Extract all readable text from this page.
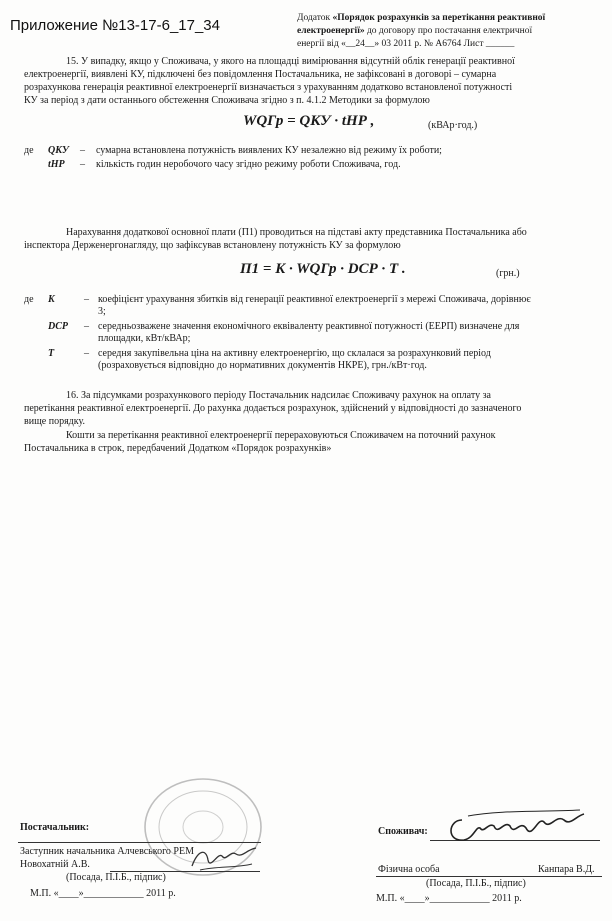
Приложение №13-17-6_17_34	Додаток «Порядок розрахунків за перетікання реактивної
електроенергії» до договору про постачання електричної
енергії від «__24__» 03 2011 р. № А6764 Лист ______
15. У випадку, якщо у Споживача, у якого на площадці вимірювання відсутній облік генерації реактивної
електроенергії, виявлені КУ, підключені без повідомлення Постачальника, не зафіксовані в договорі – сумарна
розрахункова генерація реактивної електроенергії визначається з урахуванням додатково встановленої потужності
КУ за період з дати останнього обстеження Споживача згідно з п. 4.1.2 Методики за формулою
WQГр = QКУ · tНР ,	(кВАр·год.)
де QКУ – сумарна встановлена потужність виявлених КУ незалежно від режиму їх роботи;
tНР – кількість годин неробочого часу згідно режиму роботи Споживача, год.
Нарахування додаткової основної плати (П1) проводиться на підставі акту представника Постачальника або
інспектора Держенергонагляду, що зафіксував встановлену потужність КУ за формулою
П1 = K · WQГр · DСР · T .	(грн.)
де K	– коефіцієнт урахування збитків від генерації реактивної електроенергії з мережі Споживача, дорівнює
3;
DСР – середньозважене значення економічного еквіваленту реактивної потужності (ЕЕРП) визначене для
площадки, кВт/кВАр;
T	– середня закупівельна ціна на активну електроенергію, що склалася за розрахунковий період
(розраховується відповідно до нормативних документів НКРЕ), грн./кВт·год.
16. За підсумками розрахункового періоду Постачальник надсилає Споживачу рахунок на оплату за
перетікання реактивної електроенергії. До рахунка додається розрахунок, здійснений у відповідності до зазначеного
вище порядку.
Кошти за перетікання реактивної електроенергії перераховуються Споживачем на поточний рахунок
Постачальника в строк, передбачений Додатком «Порядок розрахунків»
Постачальник:
Заступник начальника Алчевського РЕМ
Новохатній А.В.
(Посада, П.І.Б., підпис)
М.П. «____»____________ 2011 р.
Споживач:
Фізична особа	Канпара В.Д.
(Посада, П.І.Б., підпис)
М.П. «____»____________ 2011 р.
